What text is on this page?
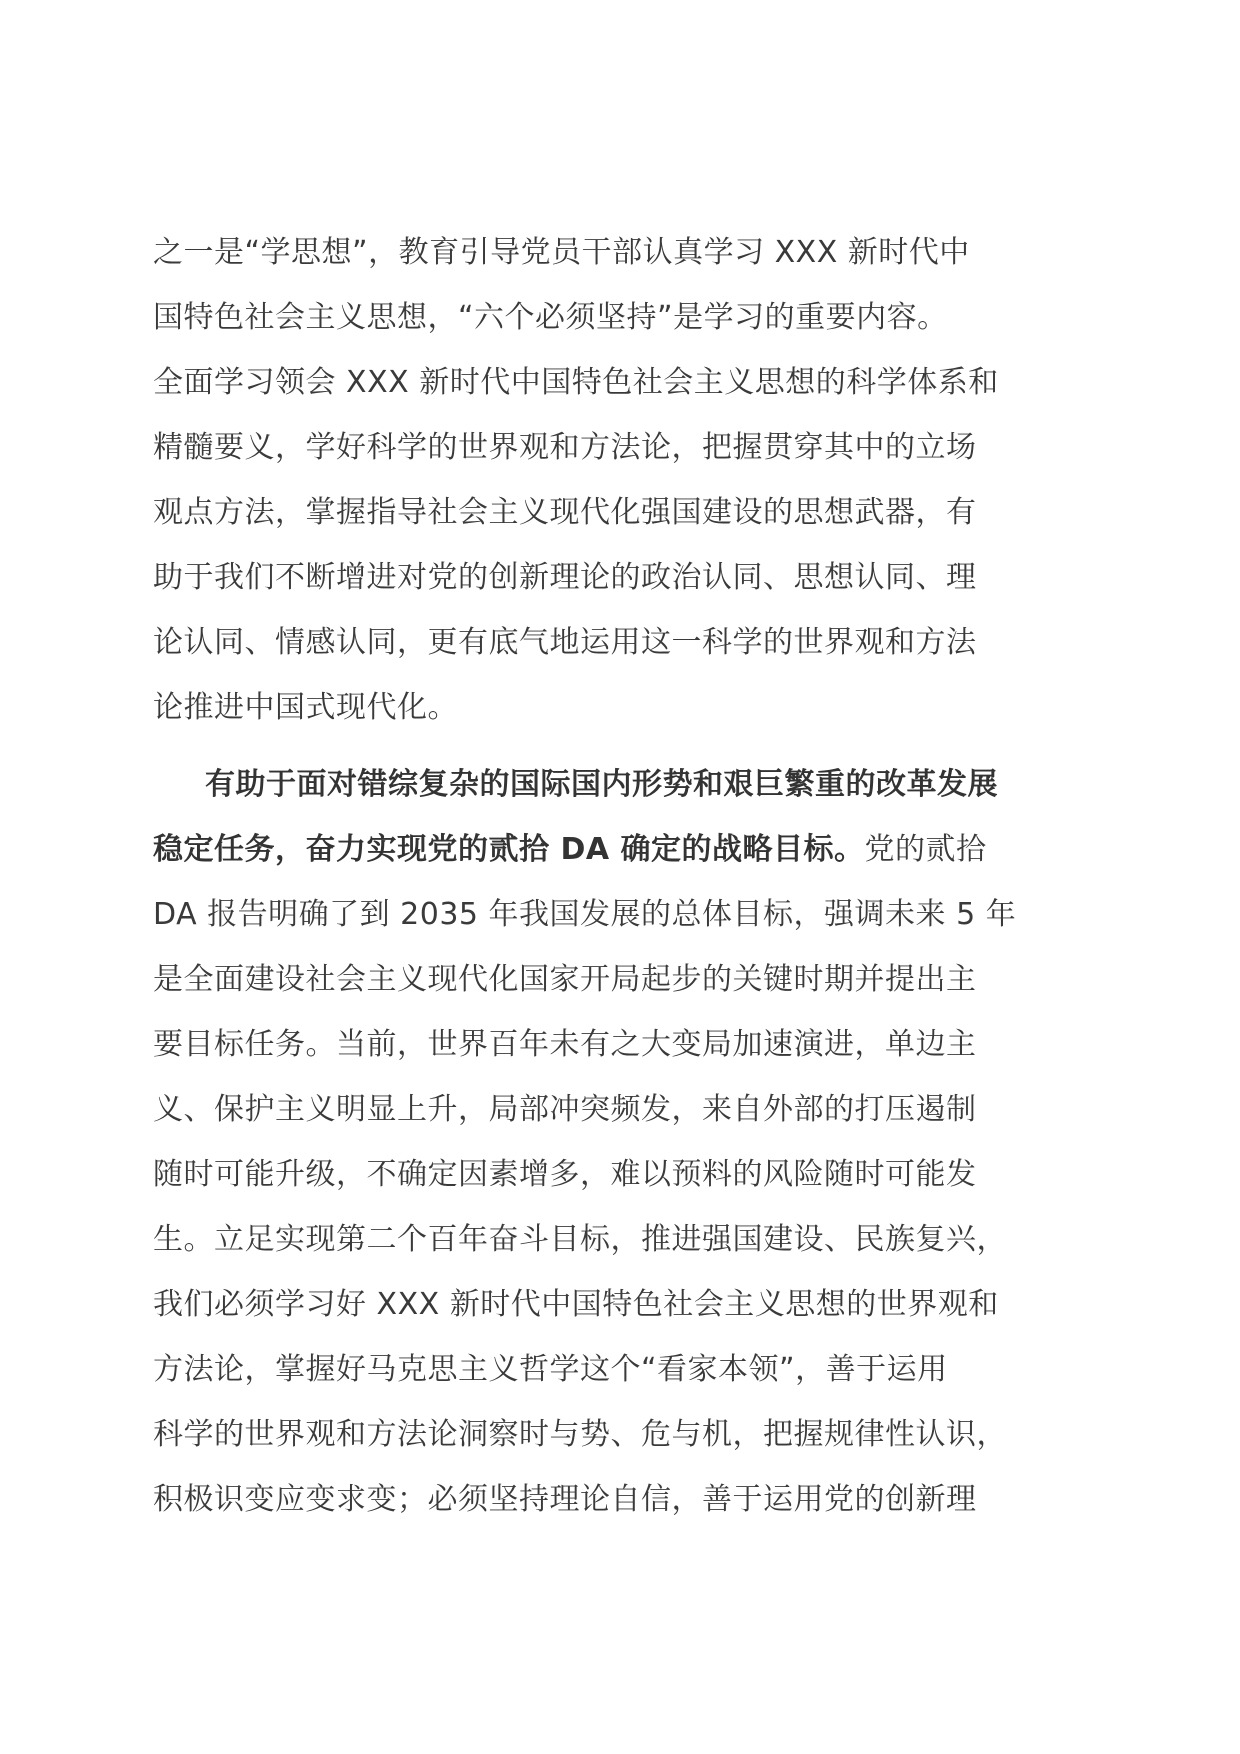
之一是“学思想”，教育引导党员干部认真学习 XXX 新时代中
国特色社会主义思想，“六个必须坚持”是学习的重要内容。
全面学习领会 XXX 新时代中国特色社会主义思想的科学体系和
精髓要义，学好科学的世界观和方法论，把握贯穿其中的立场
观点方法，掌握指导社会主义现代化强国建设的思想武器，有
助于我们不断增进对党的创新理论的政治认同、思想认同、理
论认同、情感认同，更有底气地运用这一科学的世界观和方法
论推进中国式现代化。
有助于面对错综复杂的国际国内形势和艰巨繁重的改革发展
稳定任务，奋力实现党的贰拾 DA 确定的战略目标。党的贰拾
DA 报告明确了到 2035 年我国发展的总体目标，强调未来 5 年
是全面建设社会主义现代化国家开局起步的关键时期并提出主
要目标任务。当前，世界百年未有之大变局加速演进，单边主
义、保护主义明显上升，局部冲突频发，来自外部的打压遏制
随时可能升级，不确定因素增多，难以预料的风险随时可能发
生。立足实现第二个百年奋斗目标，推进强国建设、民族复兴，
我们必须学习好 XXX 新时代中国特色社会主义思想的世界观和
方法论，掌握好马克思主义哲学这个“看家本领”，善于运用
科学的世界观和方法论洞察时与势、危与机，把握规律性认识，
积极识变应变求变；必须坚持理论自信，善于运用党的创新理
